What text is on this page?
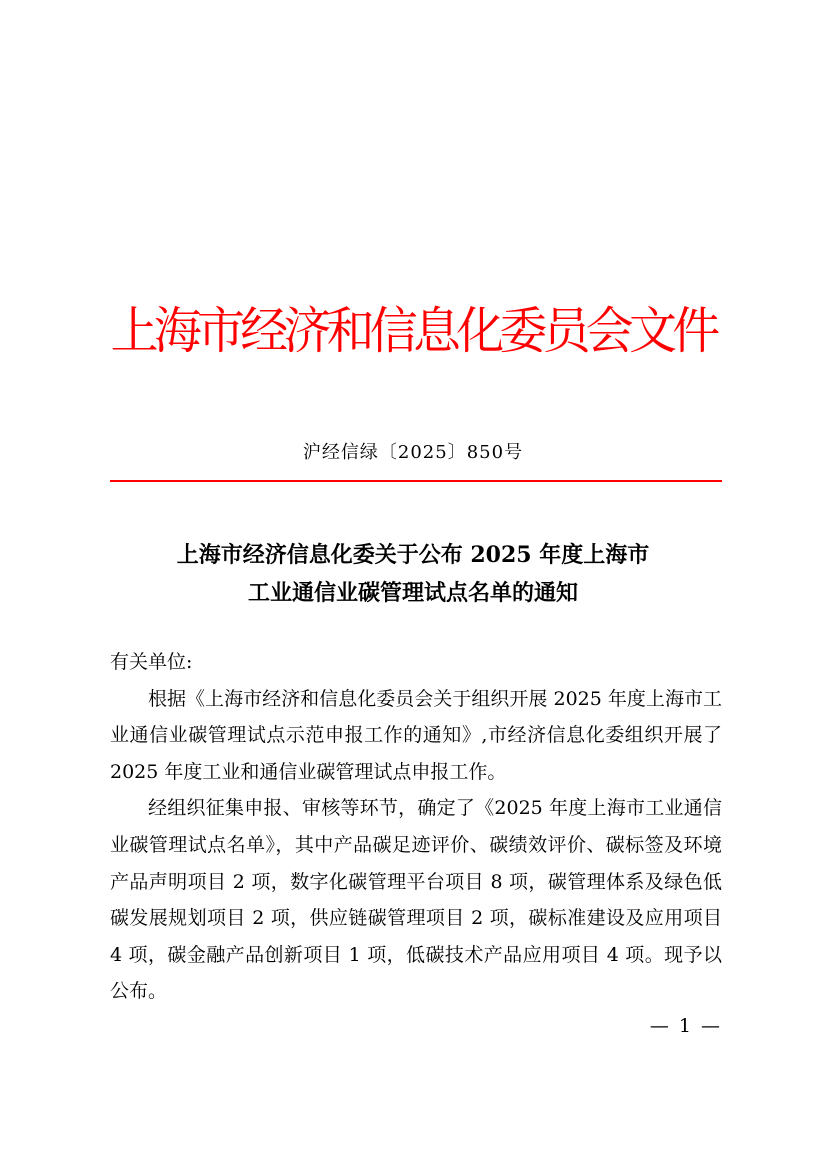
上海市经济和信息化委员会文件
沪经信绿〔2025〕850号
上海市经济信息化委关于公布 2025 年度上海市
工业通信业碳管理试点名单的通知

有关单位:

根据《上海市经济和信息化委员会关于组织开展 2025 年度上海市工业通信业碳管理试点示范申报工作的通知》,市经济信息化委组织开展了 2025 年度工业和通信业碳管理试点申报工作。

经组织征集申报、审核等环节，确定了《2025 年度上海市工业通信业碳管理试点名单》，其中产品碳足迹评价、碳绩效评价、碳标签及环境产品声明项目 2 项，数字化碳管理平台项目 8 项，碳管理体系及绿色低碳发展规划项目 2 项，供应链碳管理项目 2 项，碳标准建设及应用项目 4 项，碳金融产品创新项目 1 项，低碳技术产品应用项目 4 项。现予以公布。

— 1 —
